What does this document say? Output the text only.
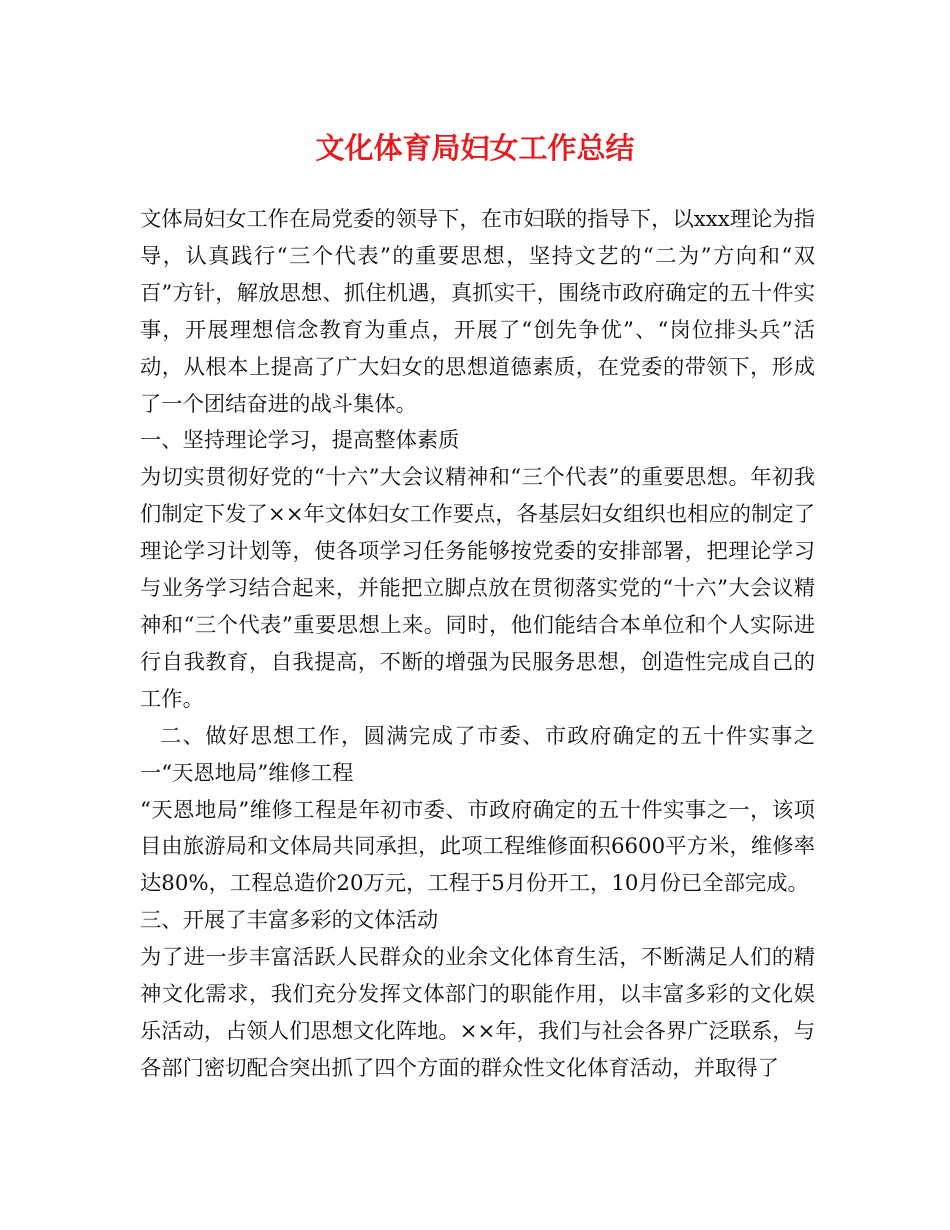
文化体育局妇女工作总结

文体局妇女工作在局党委的领导下，在市妇联的指导下，以xxx理论为指导，认真践行“三个代表”的重要思想，坚持文艺的“二为”方向和“双百”方针，解放思想、抓住机遇，真抓实干，围绕市政府确定的五十件实事，开展理想信念教育为重点，开展了“创先争优”、“岗位排头兵”活动，从根本上提高了广大妇女的思想道德素质，在党委的带领下，形成了一个团结奋进的战斗集体。

一、坚持理论学习，提高整体素质

为切实贯彻好党的“十六”大会议精神和“三个代表”的重要思想。年初我们制定下发了××年文体妇女工作要点，各基层妇女组织也相应的制定了理论学习计划等，使各项学习任务能够按党委的安排部署，把理论学习与业务学习结合起来，并能把立脚点放在贯彻落实党的“十六”大会议精神和“三个代表”重要思想上来。同时，他们能结合本单位和个人实际进行自我教育，自我提高，不断的增强为民服务思想，创造性完成自己的工作。

二、做好思想工作，圆满完成了市委、市政府确定的五十件实事之一“天恩地局”维修工程

“天恩地局”维修工程是年初市委、市政府确定的五十件实事之一，该项目由旅游局和文体局共同承担，此项工程维修面积6600平方米，维修率达80%，工程总造价20万元，工程于5月份开工，10月份已全部完成。

三、开展了丰富多彩的文体活动

为了进一步丰富活跃人民群众的业余文化体育生活，不断满足人们的精神文化需求，我们充分发挥文体部门的职能作用，以丰富多彩的文化娱乐活动，占领人们思想文化阵地。××年，我们与社会各界广泛联系，与各部门密切配合突出抓了四个方面的群众性文化体育活动，并取得了
